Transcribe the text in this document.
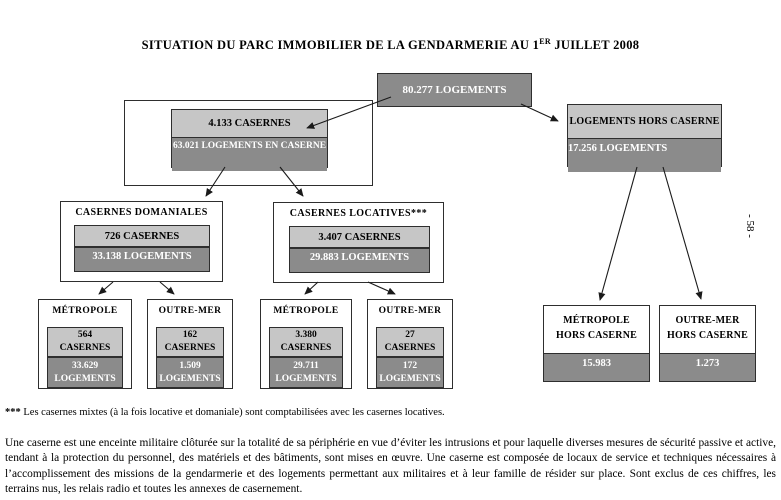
SITUATION DU PARC IMMOBILIER DE LA GENDARMERIE AU 1ER JUILLET 2008
80.277 LOGEMENTS
4.133 CASERNES
63.021 LOGEMENTS EN CASERNE
LOGEMENTS HORS CASERNE
17.256 LOGEMENTS
CASERNES DOMANIALES
726 CASERNES
33.138 LOGEMENTS
CASERNES LOCATIVES***
3.407 CASERNES
29.883 LOGEMENTS
MÉTROPOLE
564
CASERNES
33.629
LOGEMENTS
OUTRE-MER
162
CASERNES
1.509
LOGEMENTS
MÉTROPOLE
3.380
CASERNES
29.711
LOGEMENTS
OUTRE-MER
27
CASERNES
172
LOGEMENTS
MÉTROPOLE
HORS CASERNE
15.983
OUTRE-MER
HORS CASERNE
1.273
- 58 -
*** Les casernes mixtes (à la fois locative et domaniale) sont comptabilisées avec les casernes locatives.
Une caserne est une enceinte militaire clôturée sur la totalité de sa périphérie en vue d’éviter les intrusions et pour laquelle diverses mesures de sécurité passive et active, tendant à la protection du personnel, des matériels et des bâtiments, sont mises en œuvre. Une caserne est composée de locaux de service et techniques nécessaires à l’accomplissement des missions de la gendarmerie et des logements permettant aux militaires et à leur famille de résider sur place. Sont exclus de ces chiffres, les terrains nus, les relais radio et toutes les annexes de casernement.
